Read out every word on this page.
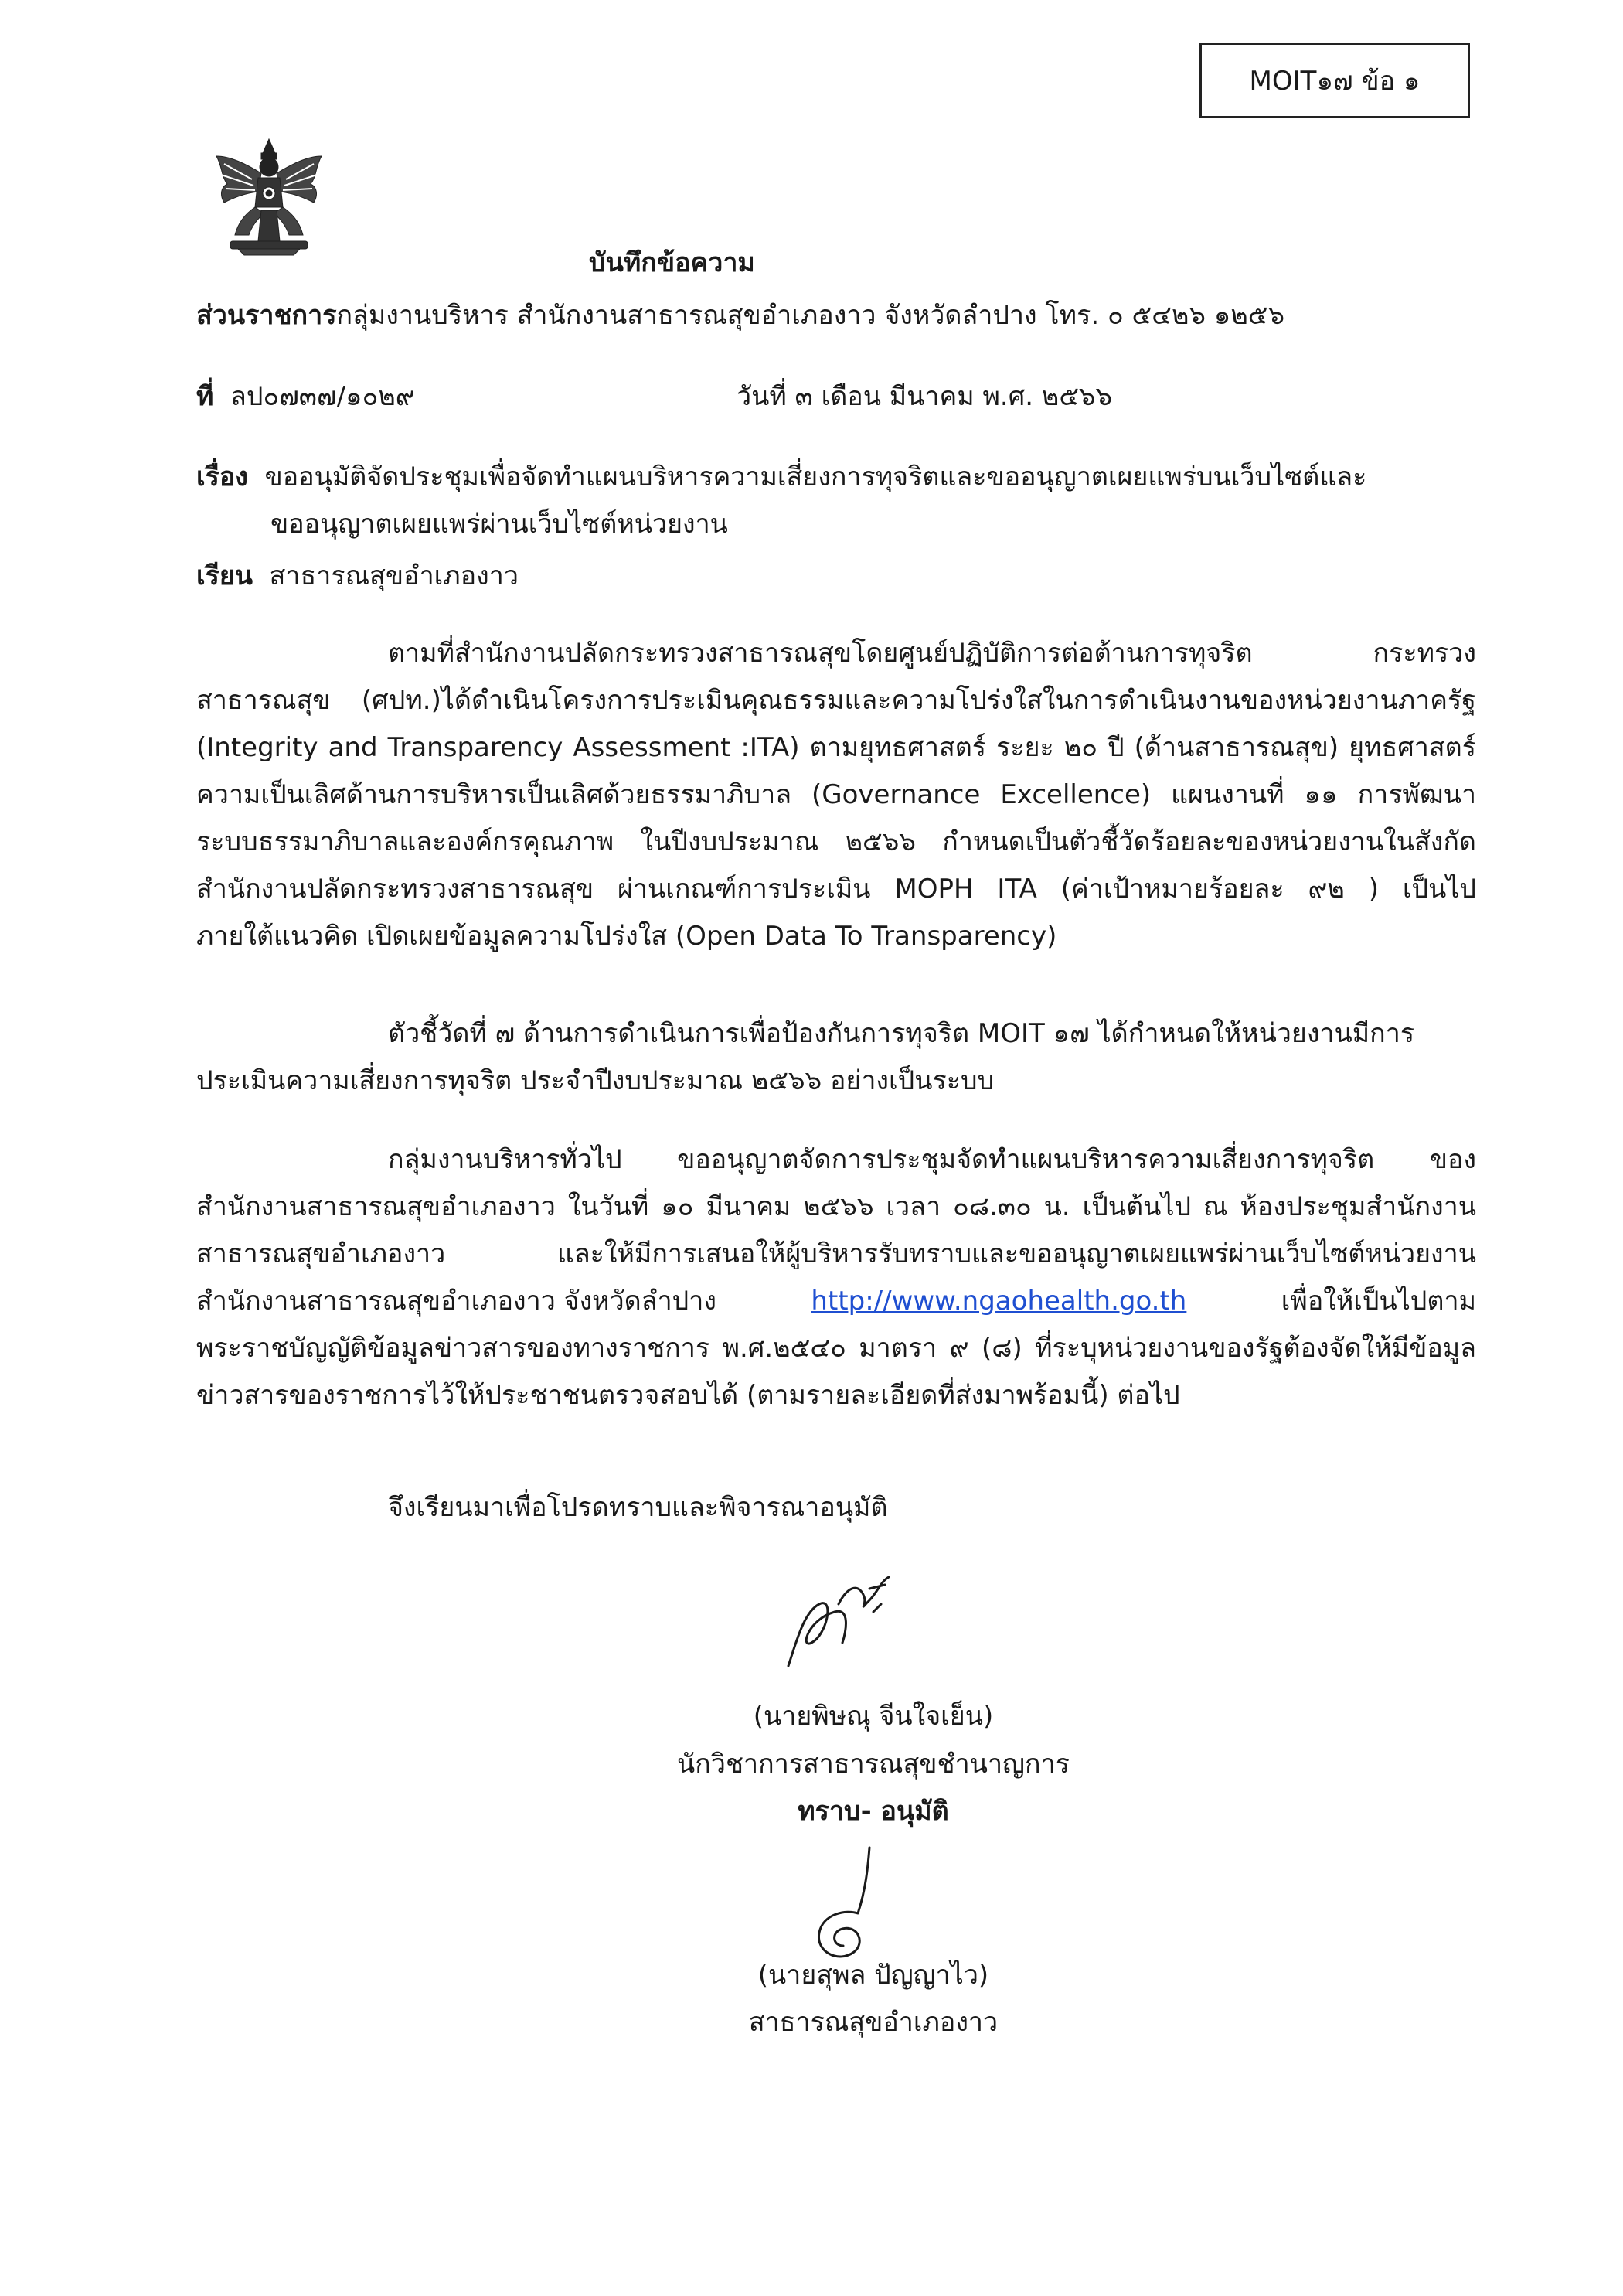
MOIT๑๗ ข้อ ๑
บันทึกข้อความ
ส่วนราชการกลุ่มงานบริหาร สำนักงานสาธารณสุขอำเภองาว จังหวัดลำปาง โทร. ๐ ๕๔๒๖ ๑๒๕๖
ที่ ลป๐๗๓๗/๑๐๒๙	วันที่ ๓ เดือน มีนาคม พ.ศ. ๒๕๖๖
เรื่อง ขออนุมัติจัดประชุมเพื่อจัดทำแผนบริหารความเสี่ยงการทุจริตและขออนุญาตเผยแพร่บนเว็บไซต์และ
ขออนุญาตเผยแพร่ผ่านเว็บไซต์หน่วยงาน
เรียน สาธารณสุขอำเภองาว
ตามที่สำนักงานปลัดกระทรวงสาธารณสุขโดยศูนย์ปฏิบัติการต่อต้านการทุจริต กระทรวง
สาธารณสุข (ศปท.)ได้ดำเนินโครงการประเมินคุณธรรมและความโปร่งใสในการดำเนินงานของหน่วยงานภาครัฐ
(Integrity and Transparency Assessment :ITA) ตามยุทธศาสตร์ ระยะ ๒๐ ปี (ด้านสาธารณสุข) ยุทธศาสตร์
ความเป็นเลิศด้านการบริหารเป็นเลิศด้วยธรรมาภิบาล (Governance Excellence) แผนงานที่ ๑๑ การพัฒนา
ระบบธรรมาภิบาลและองค์กรคุณภาพ ในปีงบประมาณ ๒๕๖๖ กำหนดเป็นตัวชี้วัดร้อยละของหน่วยงานในสังกัด
สำนักงานปลัดกระทรวงสาธารณสุข ผ่านเกณฑ์การประเมิน MOPH ITA (ค่าเป้าหมายร้อยละ ๙๒ ) เป็นไป
ภายใต้แนวคิด เปิดเผยข้อมูลความโปร่งใส (Open Data To Transparency)
ตัวชี้วัดที่ ๗ ด้านการดำเนินการเพื่อป้องกันการทุจริต MOIT ๑๗ ได้กำหนดให้หน่วยงานมีการ
ประเมินความเสี่ยงการทุจริต ประจำปีงบประมาณ ๒๕๖๖ อย่างเป็นระบบ
กลุ่มงานบริหารทั่วไป ขออนุญาตจัดการประชุมจัดทำแผนบริหารความเสี่ยงการทุจริต ของ
สำนักงานสาธารณสุขอำเภองาว ในวันที่ ๑๐ มีนาคม ๒๕๖๖ เวลา ๐๘.๓๐ น. เป็นต้นไป ณ ห้องประชุมสำนักงาน
สาธารณสุขอำเภองาว และให้มีการเสนอให้ผู้บริหารรับทราบและขออนุญาตเผยแพร่ผ่านเว็บไซต์หน่วยงาน
สำนักงานสาธารณสุขอำเภองาว จังหวัดลำปาง	http://www.ngaohealth.go.th	เพื่อให้เป็นไปตาม
พระราชบัญญัติข้อมูลข่าวสารของทางราชการ พ.ศ.๒๕๔๐ มาตรา ๙ (๘) ที่ระบุหน่วยงานของรัฐต้องจัดให้มีข้อมูล
ข่าวสารของราชการไว้ให้ประชาชนตรวจสอบได้ (ตามรายละเอียดที่ส่งมาพร้อมนี้) ต่อไป
จึงเรียนมาเพื่อโปรดทราบและพิจารณาอนุมัติ
(นายพิษณุ จีนใจเย็น)
นักวิชาการสาธารณสุขชำนาญการ
ทราบ- อนุมัติ
(นายสุพล ปัญญาไว)
สาธารณสุขอำเภองาว
